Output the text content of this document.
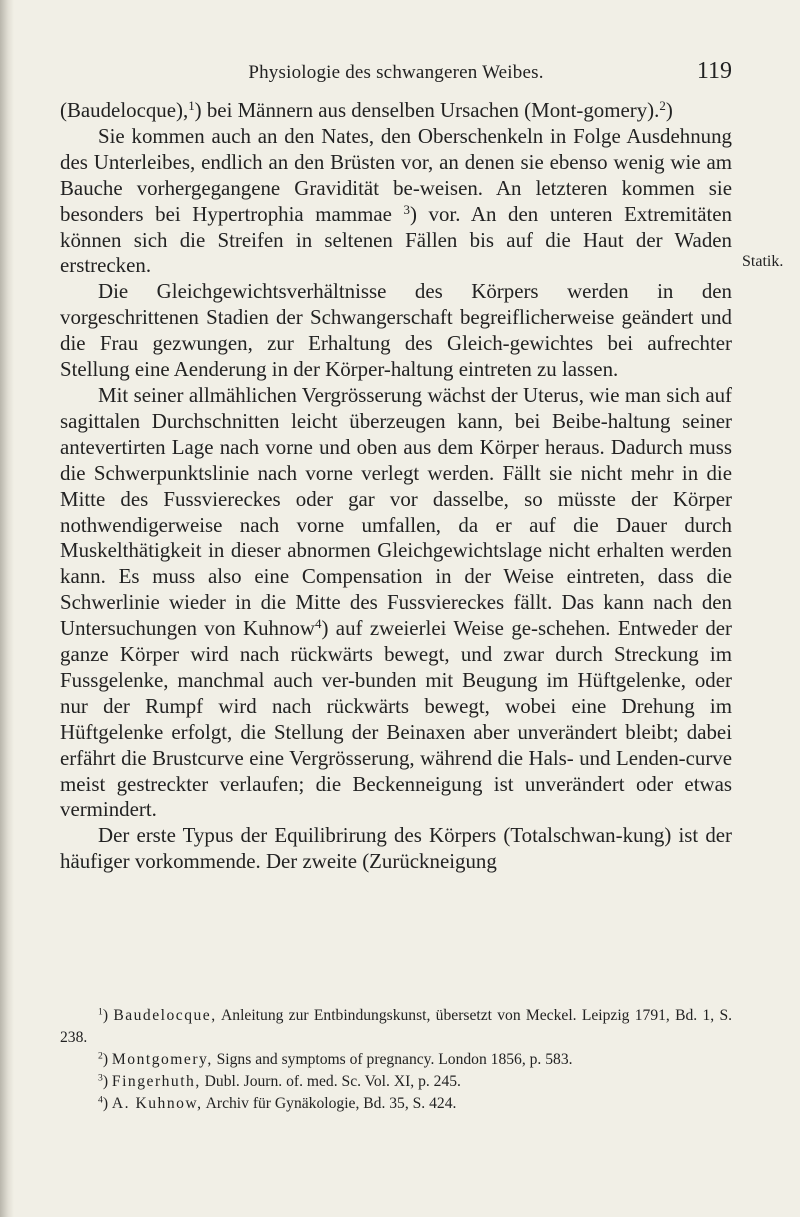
Physiologie des schwangeren Weibes.	119
Statik.

(Baudelocque),$^1$) bei Männern aus denselben Ursachen (Mont-gomery).$^2$)

Sie kommen auch an den Nates, den Oberschenkeln in Folge Ausdehnung des Unterleibes, endlich an den Brüsten vor, an denen sie ebenso wenig wie am Bauche vorhergegangene Gravidität be-weisen. An letzteren kommen sie besonders bei Hypertrophia mammae $^3$) vor. An den unteren Extremitäten können sich die Streifen in seltenen Fällen bis auf die Haut der Waden erstrecken.

Die Gleichgewichtsverhältnisse des Körpers werden in den vorgeschrittenen Stadien der Schwangerschaft begreiflicherweise geändert und die Frau gezwungen, zur Erhaltung des Gleich-gewichtes bei aufrechter Stellung eine Aenderung in der Körper-haltung eintreten zu lassen.

Mit seiner allmählichen Vergrösserung wächst der Uterus, wie man sich auf sagittalen Durchschnitten leicht überzeugen kann, bei Beibe-haltung seiner antevertirten Lage nach vorne und oben aus dem Körper heraus. Dadurch muss die Schwerpunktslinie nach vorne verlegt werden. Fällt sie nicht mehr in die Mitte des Fussviereckes oder gar vor dasselbe, so müsste der Körper nothwendigerweise nach vorne umfallen, da er auf die Dauer durch Muskelthätigkeit in dieser abnormen Gleichgewichtslage nicht erhalten werden kann. Es muss also eine Compensation in der Weise eintreten, dass die Schwerlinie wieder in die Mitte des Fussviereckes fällt. Das kann nach den Untersuchungen von Kuhnow$^4$) auf zweierlei Weise ge-schehen. Entweder der ganze Körper wird nach rückwärts bewegt, und zwar durch Streckung im Fussgelenke, manchmal auch ver-bunden mit Beugung im Hüftgelenke, oder nur der Rumpf wird nach rückwärts bewegt, wobei eine Drehung im Hüftgelenke erfolgt, die Stellung der Beinaxen aber unverändert bleibt; dabei erfährt die Brustcurve eine Vergrösserung, während die Hals- und Lenden-curve meist gestreckter verlaufen; die Beckenneigung ist unverändert oder etwas vermindert.

Der erste Typus der Equilibrirung des Körpers (Totalschwan-kung) ist der häufiger vorkommende. Der zweite (Zurückneigung

$^1$) Baudelocque, Anleitung zur Entbindungskunst, übersetzt von Meckel. Leipzig 1791, Bd. 1, S. 238.

$^2$) Montgomery, Signs and symptoms of pregnancy. London 1856, p. 583.

$^3$) Fingerhuth, Dubl. Journ. of. med. Sc. Vol. XI, p. 245.

$^4$) A. Kuhnow, Archiv für Gynäkologie, Bd. 35, S. 424.
